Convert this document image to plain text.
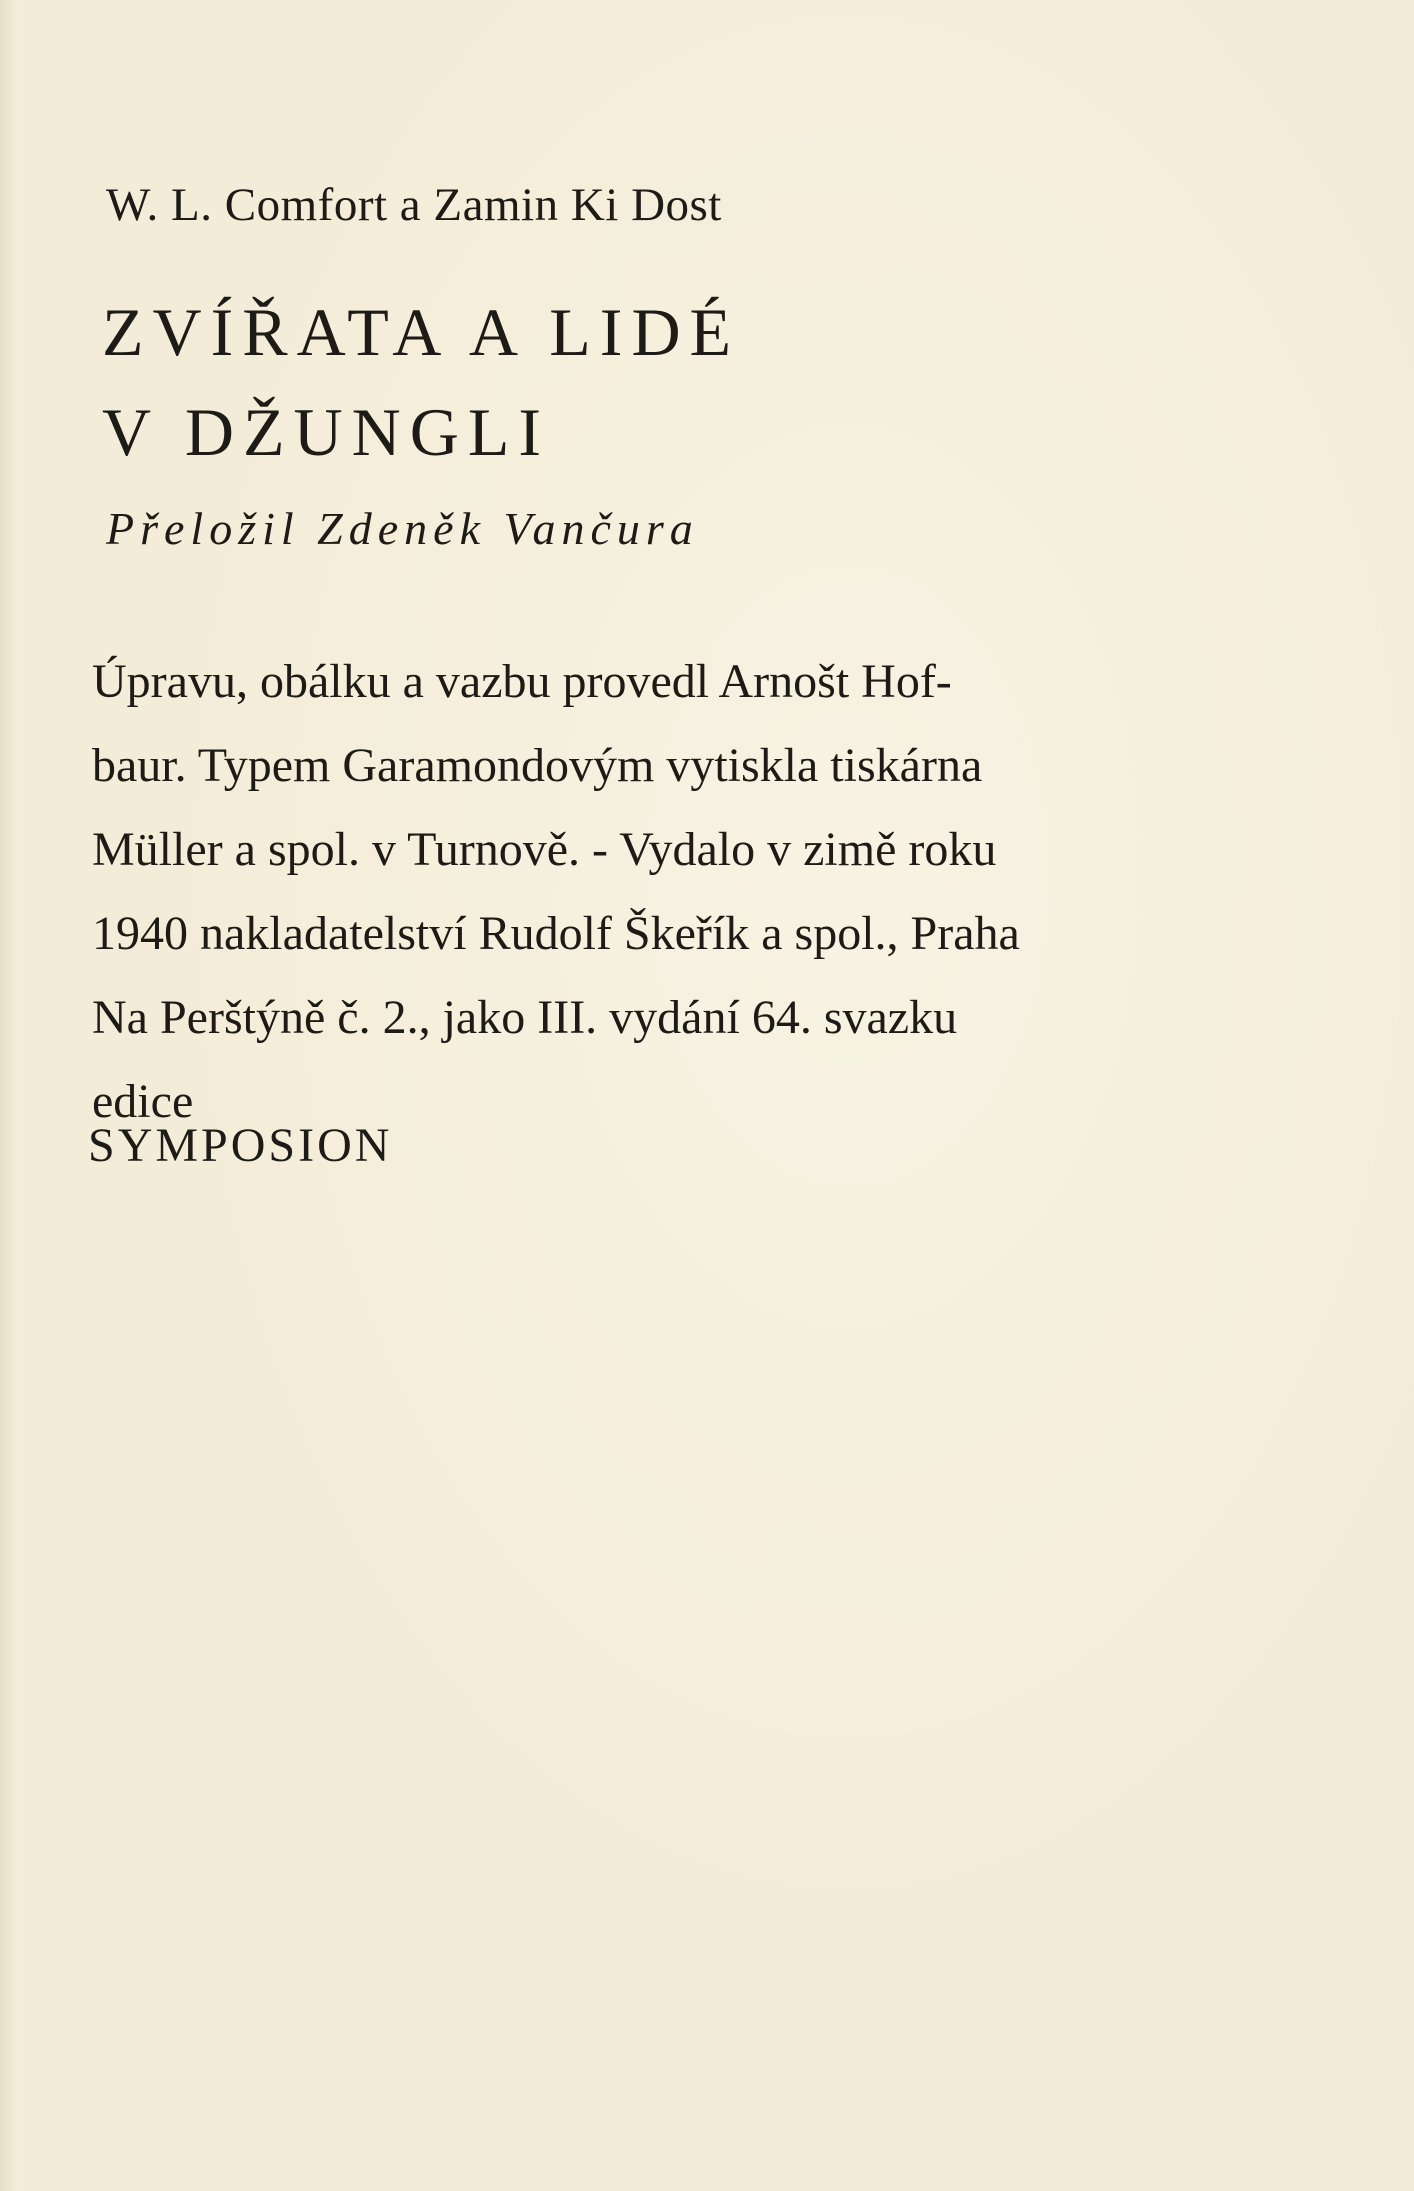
W. L. Comfort a Zamin Ki Dost
ZVÍŘATA A LIDÉ
V DŽUNGLI
Přeložil Zdeněk Vančura
Úpravu, obálku a vazbu provedl Arnošt Hof-
baur. Typem Garamondovým vytiskla tiskárna
Müller a spol. v Turnově. - Vydalo v zimě roku
1940 nakladatelství Rudolf Škeřík a spol., Praha
Na Perštýně č. 2., jako III. vydání 64. svazku
edice
SYMPOSION
